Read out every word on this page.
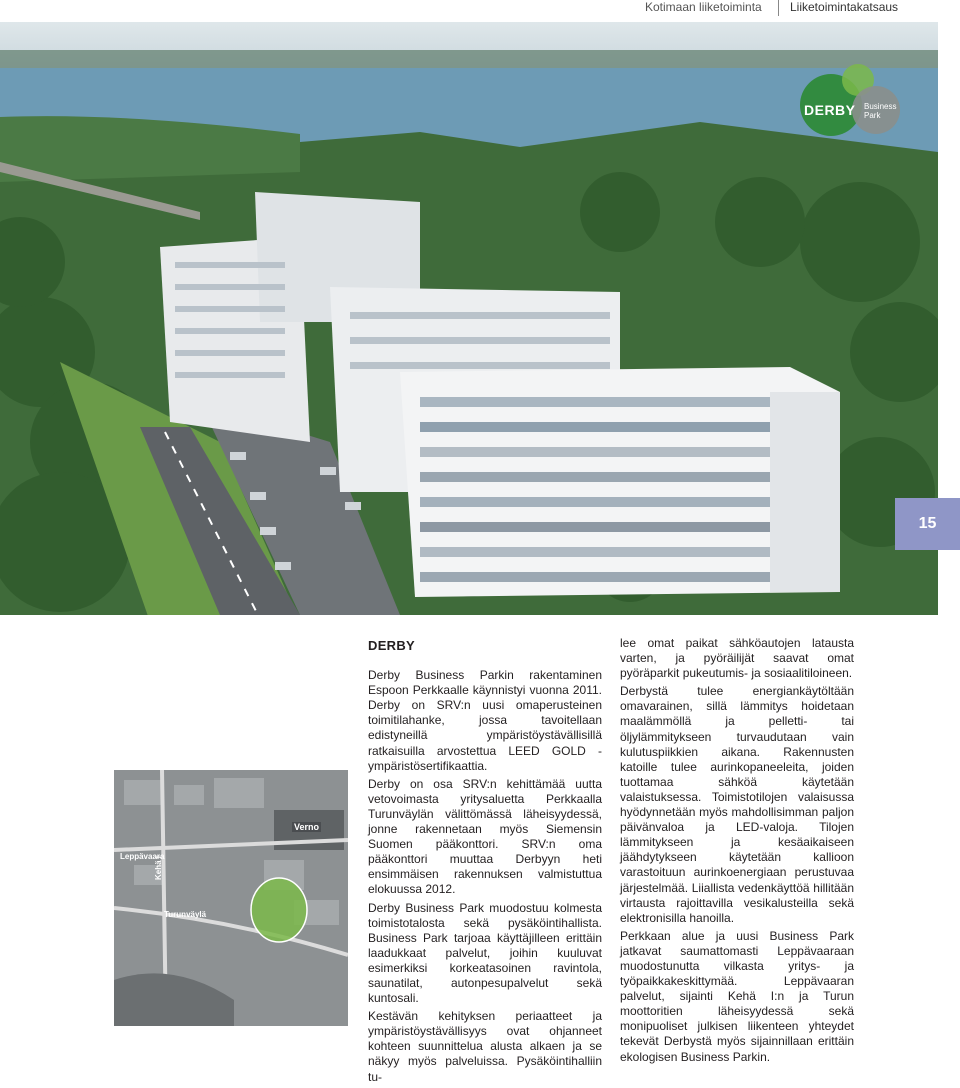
Kotimaan liiketoiminta Liiketoimintakatsaus
DERBY Business
Park
15
Verno
Leppävaara
Kehä I
Turunväylä
DERBY

Derby Business Parkin rakentaminen Espoon Perkkaalle käynnistyi vuonna 2011. Derby on SRV:n uusi omaperusteinen toimitilahanke, jossa tavoitellaan edistyneillä ympäristöystävällisillä ratkaisuilla arvostettua LEED GOLD -ympäristösertifikaattia.

Derby on osa SRV:n kehittämää uutta vetovoimasta yritysaluetta Perkkaalla Turunväylän välittömässä läheisyydessä, jonne rakennetaan myös Siemensin Suomen pääkonttori. SRV:n oma pääkonttori muuttaa Derbyyn heti ensimmäisen rakennuksen valmistuttua elokuussa 2012.

Derby Business Park muodostuu kolmesta toimistotalosta sekä pysäköintihallista. Business Park tarjoaa käyttäjilleen erittäin laadukkaat palvelut, joihin kuuluvat esimerkiksi korkeatasoinen ravintola, saunatilat, autonpesupalvelut sekä kuntosali.

Kestävän kehityksen periaatteet ja ympäristöystävällisyys ovat ohjanneet kohteen suunnittelua alusta alkaen ja se näkyy myös palveluissa. Pysäköintihalliin tu-

lee omat paikat sähköautojen latausta varten, ja pyöräilijät saavat omat pyöräparkit pukeutumis- ja sosiaalitiloineen.

Derbystä tulee energiankäytöltään omavarainen, sillä lämmitys hoidetaan maalämmöllä ja pelletti- tai öljylämmitykseen turvaudutaan vain kulutuspiikkien aikana. Rakennusten katoille tulee aurinkopaneeleita, joiden tuottamaa sähköä käytetään valaistuksessa. Toimistotilojen valaisussa hyödynnetään myös mahdollisimman paljon päivänvaloa ja LED-valoja. Tilojen lämmitykseen ja kesäaikaiseen jäähdytykseen käytetään kallioon varastoituun aurinkoenergiaan perustuvaa järjestelmää. Liiallista vedenkäyttöä hillitään virtausta rajoittavilla vesikalusteilla sekä elektronisilla hanoilla.

Perkkaan alue ja uusi Business Park jatkavat saumattomasti Leppävaaraan muodostunutta vilkasta yritys- ja työpaikkakeskittymää. Leppävaaran palvelut, sijainti Kehä I:n ja Turun moottoritien läheisyydessä sekä monipuoliset julkisen liikenteen yhteydet tekevät Derbystä myös sijainnillaan erittäin ekologisen Business Parkin.
